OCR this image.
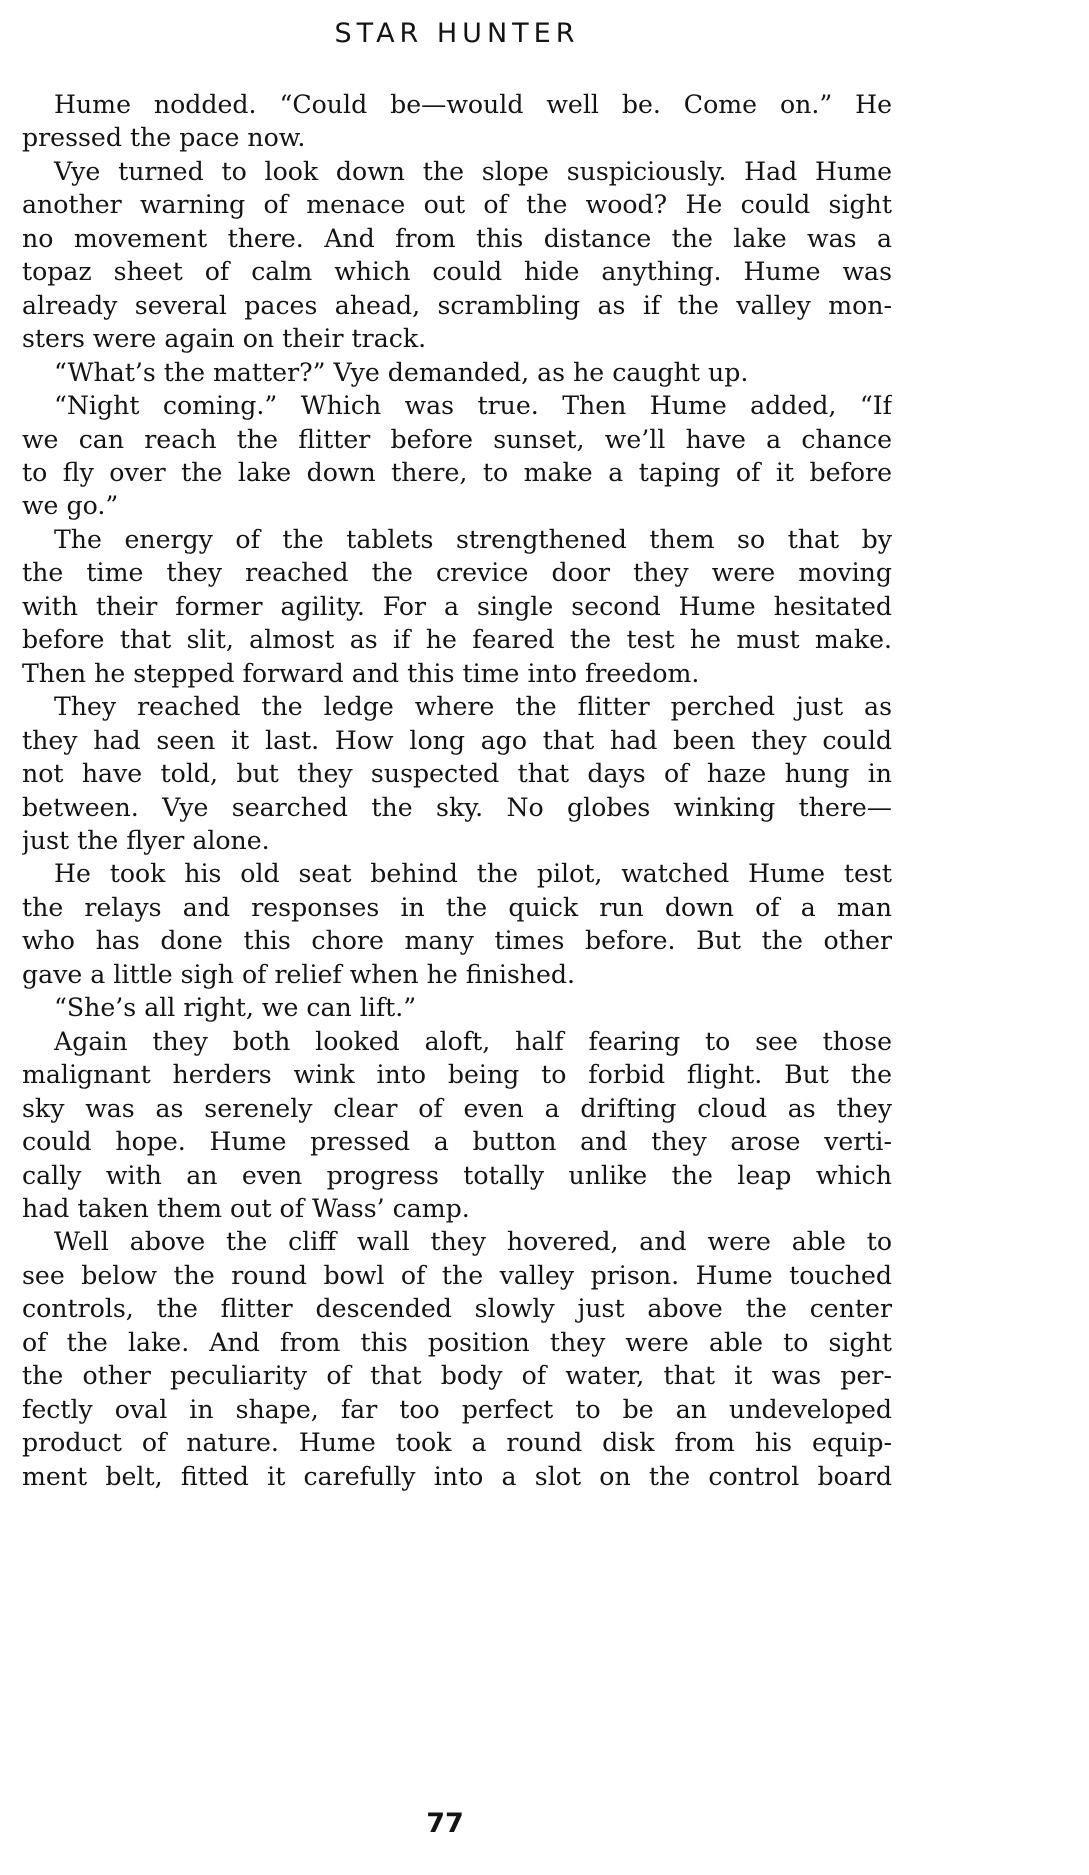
STAR HUNTER
Hume nodded. “Could be—would well be. Come on.” He
pressed the pace now.
Vye turned to look down the slope suspiciously. Had Hume
another warning of menace out of the wood? He could sight
no movement there. And from this distance the lake was a
topaz sheet of calm which could hide anything. Hume was
already several paces ahead, scrambling as if the valley mon-
sters were again on their track.
“What’s the matter?” Vye demanded, as he caught up.
“Night coming.” Which was true. Then Hume added, “If
we can reach the flitter before sunset, we’ll have a chance
to fly over the lake down there, to make a taping of it before
we go.”
The energy of the tablets strengthened them so that by
the time they reached the crevice door they were moving
with their former agility. For a single second Hume hesitated
before that slit, almost as if he feared the test he must make.
Then he stepped forward and this time into freedom.
They reached the ledge where the flitter perched just as
they had seen it last. How long ago that had been they could
not have told, but they suspected that days of haze hung in
between. Vye searched the sky. No globes winking there—
just the flyer alone.
He took his old seat behind the pilot, watched Hume test
the relays and responses in the quick run down of a man
who has done this chore many times before. But the other
gave a little sigh of relief when he finished.
“She’s all right, we can lift.”
Again they both looked aloft, half fearing to see those
malignant herders wink into being to forbid flight. But the
sky was as serenely clear of even a drifting cloud as they
could hope. Hume pressed a button and they arose verti-
cally with an even progress totally unlike the leap which
had taken them out of Wass’ camp.
Well above the cliff wall they hovered, and were able to
see below the round bowl of the valley prison. Hume touched
controls, the flitter descended slowly just above the center
of the lake. And from this position they were able to sight
the other peculiarity of that body of water, that it was per-
fectly oval in shape, far too perfect to be an undeveloped
product of nature. Hume took a round disk from his equip-
ment belt, fitted it carefully into a slot on the control board
77
